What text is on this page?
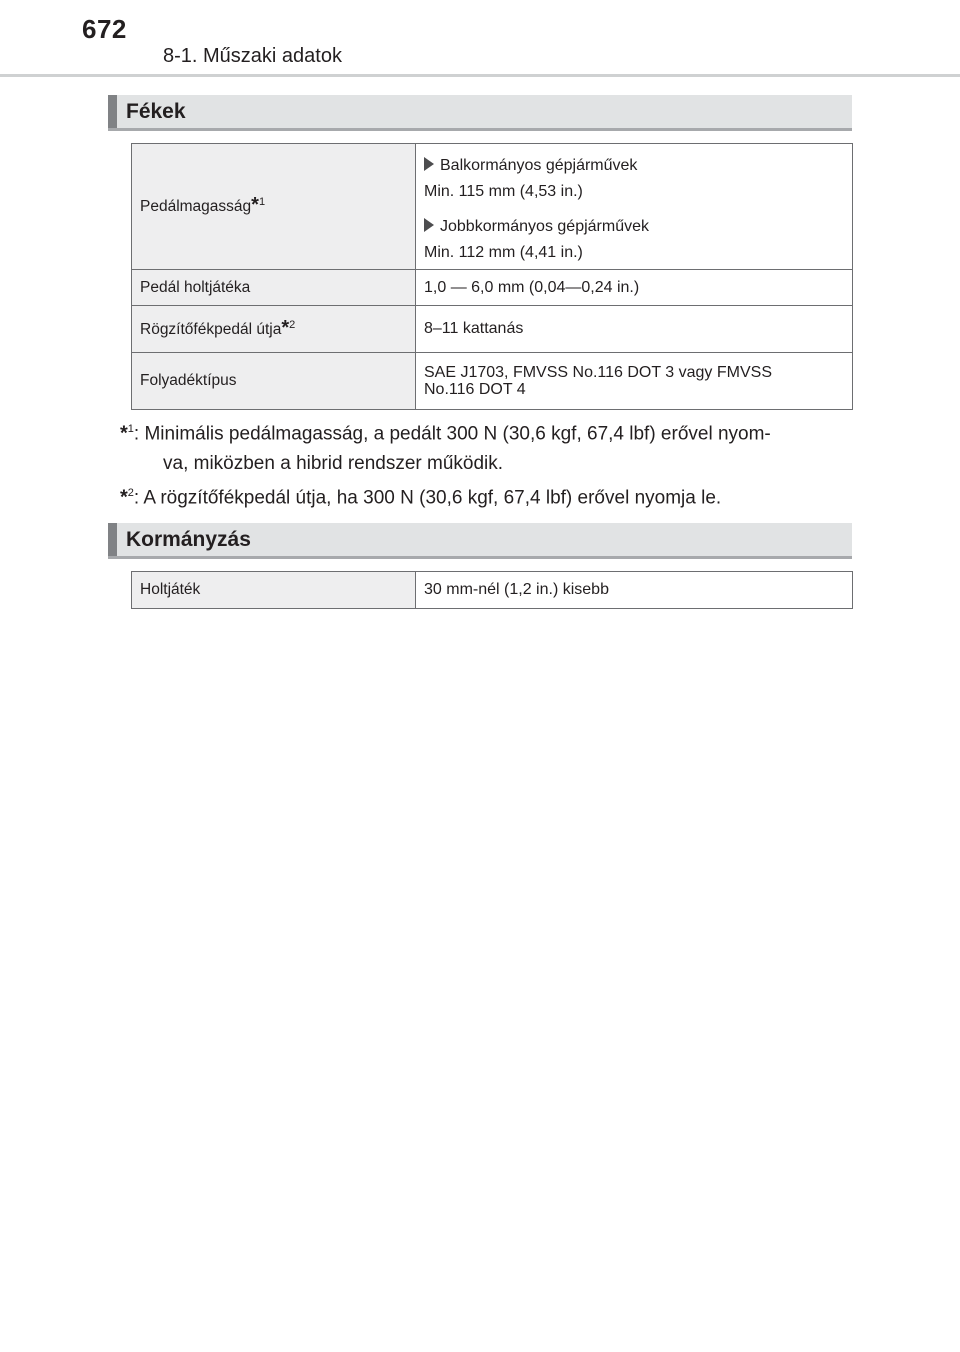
672
8-1. Műszaki adatok
Fékek
Pedálmagasság*$^1$	Balkormányos gépjárművek
Min. 115 mm (4,53 in.)
Jobbkormányos gépjárművek
Min. 112 mm (4,41 in.)

Pedál holtjátéka	1,0 — 6,0 mm (0,04—0,24 in.)
Rögzítőfékpedál útja*$^2$	8–11 kattanás
Folyadéktípus	SAE J1703, FMVSS No.116 DOT 3 vagy FMVSS
No.116 DOT 4
*$^1$: Minimális pedálmagasság, a pedált 300 N (30,6 kgf, 67,4 lbf) erővel nyom-
va, miközben a hibrid rendszer működik.
*$^2$: A rögzítőfékpedál útja, ha 300 N (30,6 kgf, 67,4 lbf) erővel nyomja le.
Kormányzás
Holtjáték	30 mm-nél (1,2 in.) kisebb
